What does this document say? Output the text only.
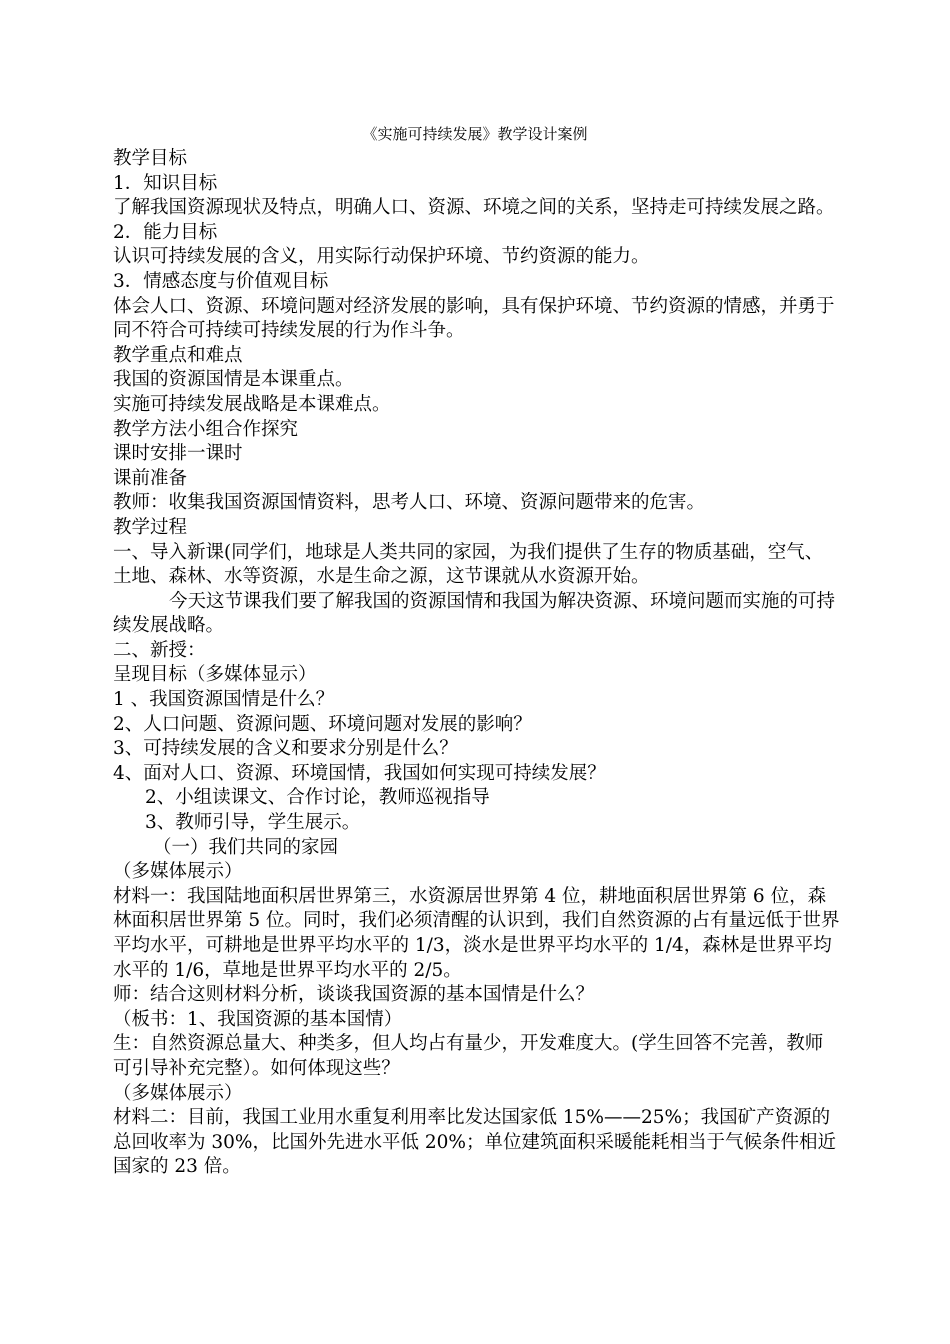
《实施可持续发展》教学设计案例

教学目标

1．知识目标

了解我国资源现状及特点，明确人口、资源、环境之间的关系，坚持走可持续发展之路。

2．能力目标

认识可持续发展的含义，用实际行动保护环境、节约资源的能力。

3．情感态度与价值观目标

体会人口、资源、环境问题对经济发展的影响，具有保护环境、节约资源的情感，并勇于同不符合可持续可持续发展的行为作斗争。

教学重点和难点

我国的资源国情是本课重点。

实施可持续发展战略是本课难点。

教学方法小组合作探究

课时安排一课时

课前准备

教师：收集我国资源国情资料，思考人口、环境、资源问题带来的危害。

教学过程

一、导入新课(同学们，地球是人类共同的家园，为我们提供了生存的物质基础，空气、土地、森林、水等资源，水是生命之源，这节课就从水资源开始。

今天这节课我们要了解我国的资源国情和我国为解决资源、环境问题而实施的可持续发展战略。

二、新授：

呈现目标（多媒体显示）

1 、我国资源国情是什么？

2、人口问题、资源问题、环境问题对发展的影响？

3、可持续发展的含义和要求分别是什么？

4、面对人口、资源、环境国情，我国如何实现可持续发展？

2、小组读课文、合作讨论，教师巡视指导

3、教师引导，学生展示。

（一）我们共同的家园

（多媒体展示）

材料一：我国陆地面积居世界第三，水资源居世界第 4 位，耕地面积居世界第 6 位，森林面积居世界第 5 位。同时，我们必须清醒的认识到，我们自然资源的占有量远低于世界平均水平，可耕地是世界平均水平的 1/3，淡水是世界平均水平的 1/4，森林是世界平均水平的 1/6，草地是世界平均水平的 2/5。

师：结合这则材料分析，谈谈我国资源的基本国情是什么？

（板书：1、我国资源的基本国情）

生：自然资源总量大、种类多，但人均占有量少，开发难度大。(学生回答不完善，教师可引导补充完整）。如何体现这些？

（多媒体展示）

材料二：目前，我国工业用水重复利用率比发达国家低 15%——25%；我国矿产资源的总回收率为 30%，比国外先进水平低 20%；单位建筑面积采暖能耗相当于气候条件相近国家的 23 倍。
